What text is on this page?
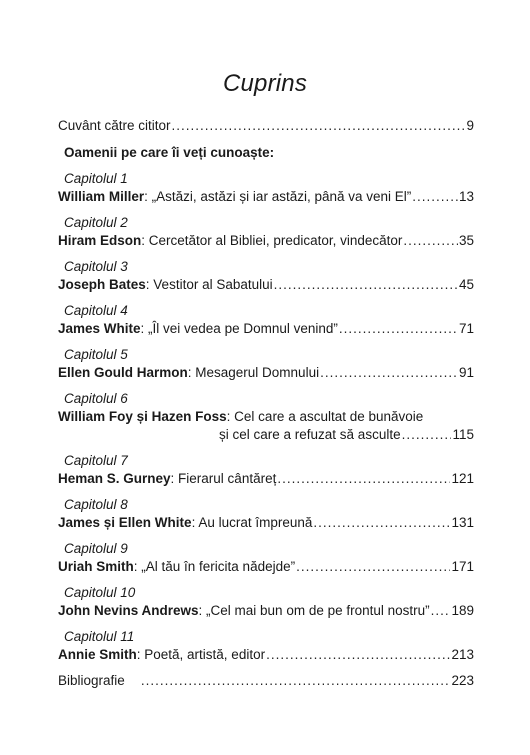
Cuprins
Cuvânt către cititor .....	9
Oamenii pe care îi veți cunoaște:
Capitolul 1
William Miller: „Astăzi, astăzi și iar astăzi, până va veni El” .....	13
Capitolul 2
Hiram Edson: Cercetător al Bibliei, predicator, vindecător .....	35
Capitolul 3
Joseph Bates: Vestitor al Sabatului .....	45
Capitolul 4
James White: „Îl vei vedea pe Domnul venind” .....	71
Capitolul 5
Ellen Gould Harmon: Mesagerul Domnului .....	91
Capitolul 6
William Foy și Hazen Foss: Cel care a ascultat de bunăvoie
și cel care a refuzat să asculte .....	115
Capitolul 7
Heman S. Gurney: Fierarul cântăreț .....	121
Capitolul 8
James și Ellen White: Au lucrat împreună .....	131
Capitolul 9
Uriah Smith: „Al tău în fericita nădejde” .....	171
Capitolul 10
John Nevins Andrews: „Cel mai bun om de pe frontul nostru” ..... 189
Capitolul 11
Annie Smith: Poetă, artistă, editor .....	213
Bibliografie .....	223
